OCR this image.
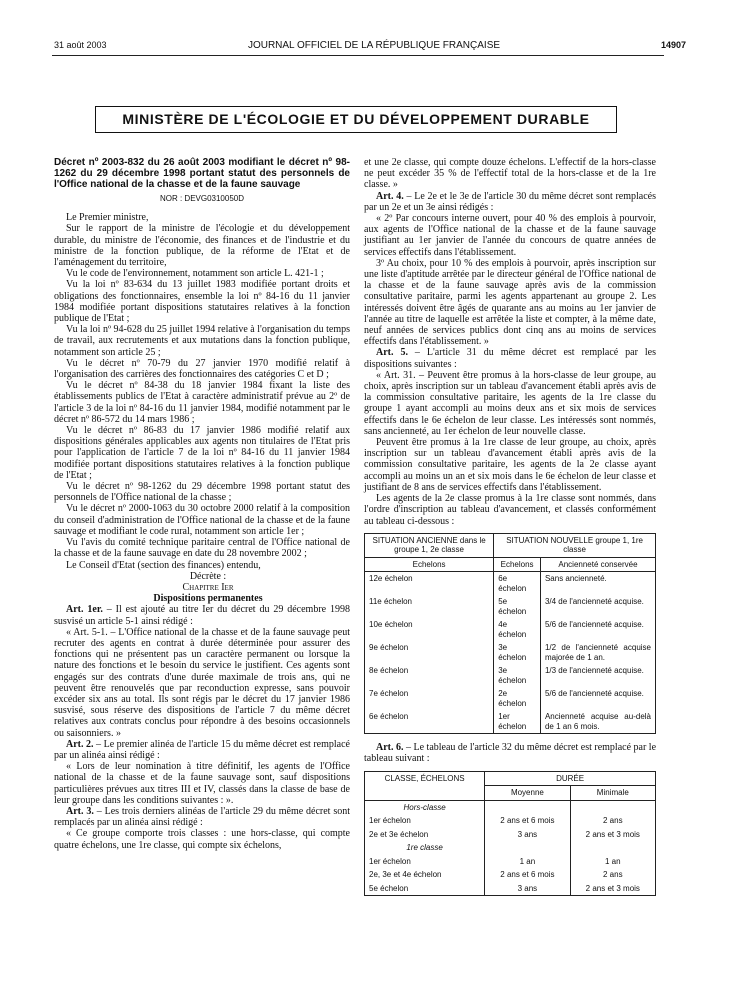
31 août 2003	JOURNAL OFFICIEL DE LA RÉPUBLIQUE FRANÇAISE	14907
MINISTÈRE DE L'ÉCOLOGIE ET DU DÉVELOPPEMENT DURABLE

Décret nº 2003-832 du 26 août 2003 modifiant le décret nº 98-1262 du 29 décembre 1998 portant statut des personnels de l'Office national de la chasse et de la faune sauvage

NOR : DEVG0310050D

Le Premier ministre,

Sur le rapport de la ministre de l'écologie et du développement durable, du ministre de l'économie, des finances et de l'industrie et du ministre de la fonction publique, de la réforme de l'Etat et de l'aménagement du territoire,

Vu le code de l'environnement, notamment son article L. 421-1 ;

Vu la loi nº 83-634 du 13 juillet 1983 modifiée portant droits et obligations des fonctionnaires, ensemble la loi nº 84-16 du 11 janvier 1984 modifiée portant dispositions statutaires relatives à la fonction publique de l'Etat ;

Vu la loi nº 94-628 du 25 juillet 1994 relative à l'organisation du temps de travail, aux recrutements et aux mutations dans la fonction publique, notamment son article 25 ;

Vu le décret nº 70-79 du 27 janvier 1970 modifié relatif à l'organisation des carrières des fonctionnaires des catégories C et D ;

Vu le décret nº 84-38 du 18 janvier 1984 fixant la liste des établissements publics de l'Etat à caractère administratif prévue au 2º de l'article 3 de la loi nº 84-16 du 11 janvier 1984, modifié notamment par le décret nº 86-572 du 14 mars 1986 ;

Vu le décret nº 86-83 du 17 janvier 1986 modifié relatif aux dispositions générales applicables aux agents non titulaires de l'Etat pris pour l'application de l'article 7 de la loi nº 84-16 du 11 janvier 1984 modifiée portant dispositions statutaires relatives à la fonction publique de l'Etat ;

Vu le décret nº 98-1262 du 29 décembre 1998 portant statut des personnels de l'Office national de la chasse ;

Vu le décret nº 2000-1063 du 30 octobre 2000 relatif à la composition du conseil d'administration de l'Office national de la chasse et de la faune sauvage et modifiant le code rural, notamment son article 1er ;

Vu l'avis du comité technique paritaire central de l'Office national de la chasse et de la faune sauvage en date du 28 novembre 2002 ;

Le Conseil d'Etat (section des finances) entendu,

Décrète :

Chapitre Ier

Dispositions permanentes

Art. 1er. – Il est ajouté au titre Ier du décret du 29 décembre 1998 susvisé un article 5-1 ainsi rédigé :

« Art. 5-1. – L'Office national de la chasse et de la faune sauvage peut recruter des agents en contrat à durée déterminée pour assurer des fonctions qui ne présentent pas un caractère permanent ou lorsque la nature des fonctions et le besoin du service le justifient. Ces agents sont engagés sur des contrats d'une durée maximale de trois ans, qui ne peuvent être renouvelés que par reconduction expresse, sans pouvoir excéder six ans au total. Ils sont régis par le décret du 17 janvier 1986 susvisé, sous réserve des dispositions de l'article 7 du même décret relatives aux contrats conclus pour répondre à des besoins occasionnels ou saisonniers. »

Art. 2. – Le premier alinéa de l'article 15 du même décret est remplacé par un alinéa ainsi rédigé :

« Lors de leur nomination à titre définitif, les agents de l'Office national de la chasse et de la faune sauvage sont, sauf dispositions particulières prévues aux titres III et IV, classés dans la classe de base de leur groupe dans les conditions suivantes : ».

Art. 3. – Les trois derniers alinéas de l'article 29 du même décret sont remplacés par un alinéa ainsi rédigé :

« Ce groupe comporte trois classes : une hors-classe, qui compte quatre échelons, une 1re classe, qui compte six échelons,

et une 2e classe, qui compte douze échelons. L'effectif de la hors-classe ne peut excéder 35 % de l'effectif total de la hors-classe et de la 1re classe. »

Art. 4. – Le 2e et le 3e de l'article 30 du même décret sont remplacés par un 2e et un 3e ainsi rédigés :

« 2º Par concours interne ouvert, pour 40 % des emplois à pourvoir, aux agents de l'Office national de la chasse et de la faune sauvage justifiant au 1er janvier de l'année du concours de quatre années de services effectifs dans l'établissement.

3º Au choix, pour 10 % des emplois à pourvoir, après inscription sur une liste d'aptitude arrêtée par le directeur général de l'Office national de la chasse et de la faune sauvage après avis de la commission consultative paritaire, parmi les agents appartenant au groupe 2. Les intéressés doivent être âgés de quarante ans au moins au 1er janvier de l'année au titre de laquelle est arrêtée la liste et compter, à la même date, neuf années de services publics dont cinq ans au moins de services effectifs dans l'établissement. »

Art. 5. – L'article 31 du même décret est remplacé par les dispositions suivantes :

« Art. 31. – Peuvent être promus à la hors-classe de leur groupe, au choix, après inscription sur un tableau d'avancement établi après avis de la commission consultative paritaire, les agents de la 1re classe du groupe 1 ayant accompli au moins deux ans et six mois de services effectifs dans le 6e échelon de leur classe. Les intéressés sont nommés, sans ancienneté, au 1er échelon de leur nouvelle classe.

Peuvent être promus à la 1re classe de leur groupe, au choix, après inscription sur un tableau d'avancement établi après avis de la commission consultative paritaire, les agents de la 2e classe ayant accompli au moins un an et six mois dans le 6e échelon de leur classe et justifiant de 8 ans de services effectifs dans l'établissement.

Les agents de la 2e classe promus à la 1re classe sont nommés, dans l'ordre d'inscription au tableau d'avancement, et classés conformément au tableau ci-dessous :

SITUATION ANCIENNE dans le groupe 1, 2e classe	SITUATION NOUVELLE groupe 1, 1re classe	
Echelons	Echelons	Ancienneté conservée
12e échelon	6e échelon	Sans ancienneté.
11e échelon	5e échelon	3/4 de l'ancienneté acquise.
10e échelon	4e échelon	5/6 de l'ancienneté acquise.
9e échelon	3e échelon	1/2 de l'ancienneté acquise majorée de 1 an.
8e échelon	3e échelon	1/3 de l'ancienneté acquise.
7e échelon	2e échelon	5/6 de l'ancienneté acquise.
6e échelon	1er échelon	Ancienneté acquise au-delà de 1 an 6 mois.

Art. 6. – Le tableau de l'article 32 du même décret est remplacé par le tableau suivant :

CLASSE, ÉCHELONS	DURÉE	
	Moyenne	Minimale
Hors-classe		
1er échelon	2 ans et 6 mois	2 ans
2e et 3e échelon	3 ans	2 ans et 3 mois
1re classe		
1er échelon	1 an	1 an
2e, 3e et 4e échelon	2 ans et 6 mois	2 ans
5e échelon	3 ans	2 ans et 3 mois
